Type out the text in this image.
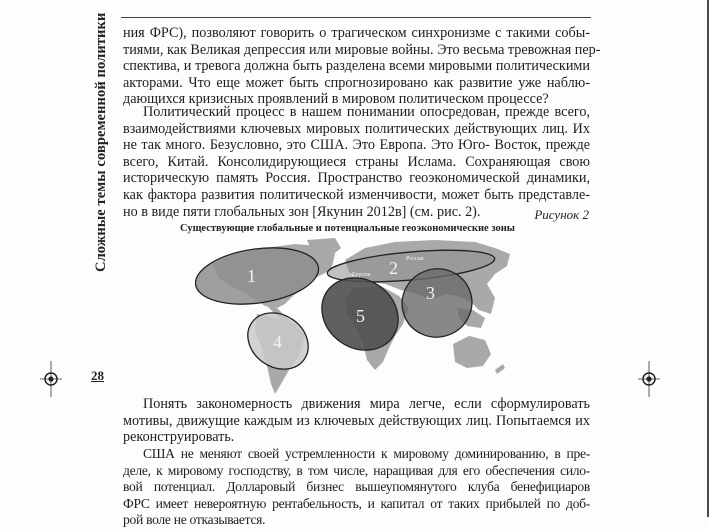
Сложные темы современной политики
28
ния ФРС), позволяют говорить о трагическом синхронизме с такими собы-
тиями, как Великая депрессия или мировые войны. Это весьма тревожная пер-
спектива, и тревога должна быть разделена всеми мировыми политическими
акторами. Что еще может быть спрогнозировано как развитие уже наблю-
дающихся кризисных проявлений в мировом политическом процессе?
Политический процесс в нашем понимании опосредован, прежде всего,
взаимодействиями ключевых мировых политических действующих лиц. Их
не так много. Безусловно, это США. Это Европа. Это Юго- Восток, прежде
всего, Китай. Консолидирующиеся страны Ислама. Сохраняющая свою
историческую память Россия. Пространство геоэкономической динамики,
как фактора развития политической изменчивости, может быть представле-
но в виде пяти глобальных зон [Якунин 2012в] (см. рис. 2).	Рисунок 2
Существующие глобальные и потенциальные геоэкономические зоны
1	2 Россия
Европа
3
4
5
Понять закономерность движения мира легче, если сформулировать
мотивы, движущие каждым из ключевых действующих лиц. Попытаемся их
реконструировать.
США не меняют своей устремленности к мировому доминированию, в пре-
деле, к мировому господству, в том числе, наращивая для его обеспечения сило-
вой потенциал. Долларовый бизнес вышеупомянутого клуба бенефициаров
ФРС имеет невероятную рентабельность, и капитал от таких прибылей по доб-
рой воле не отказывается.
